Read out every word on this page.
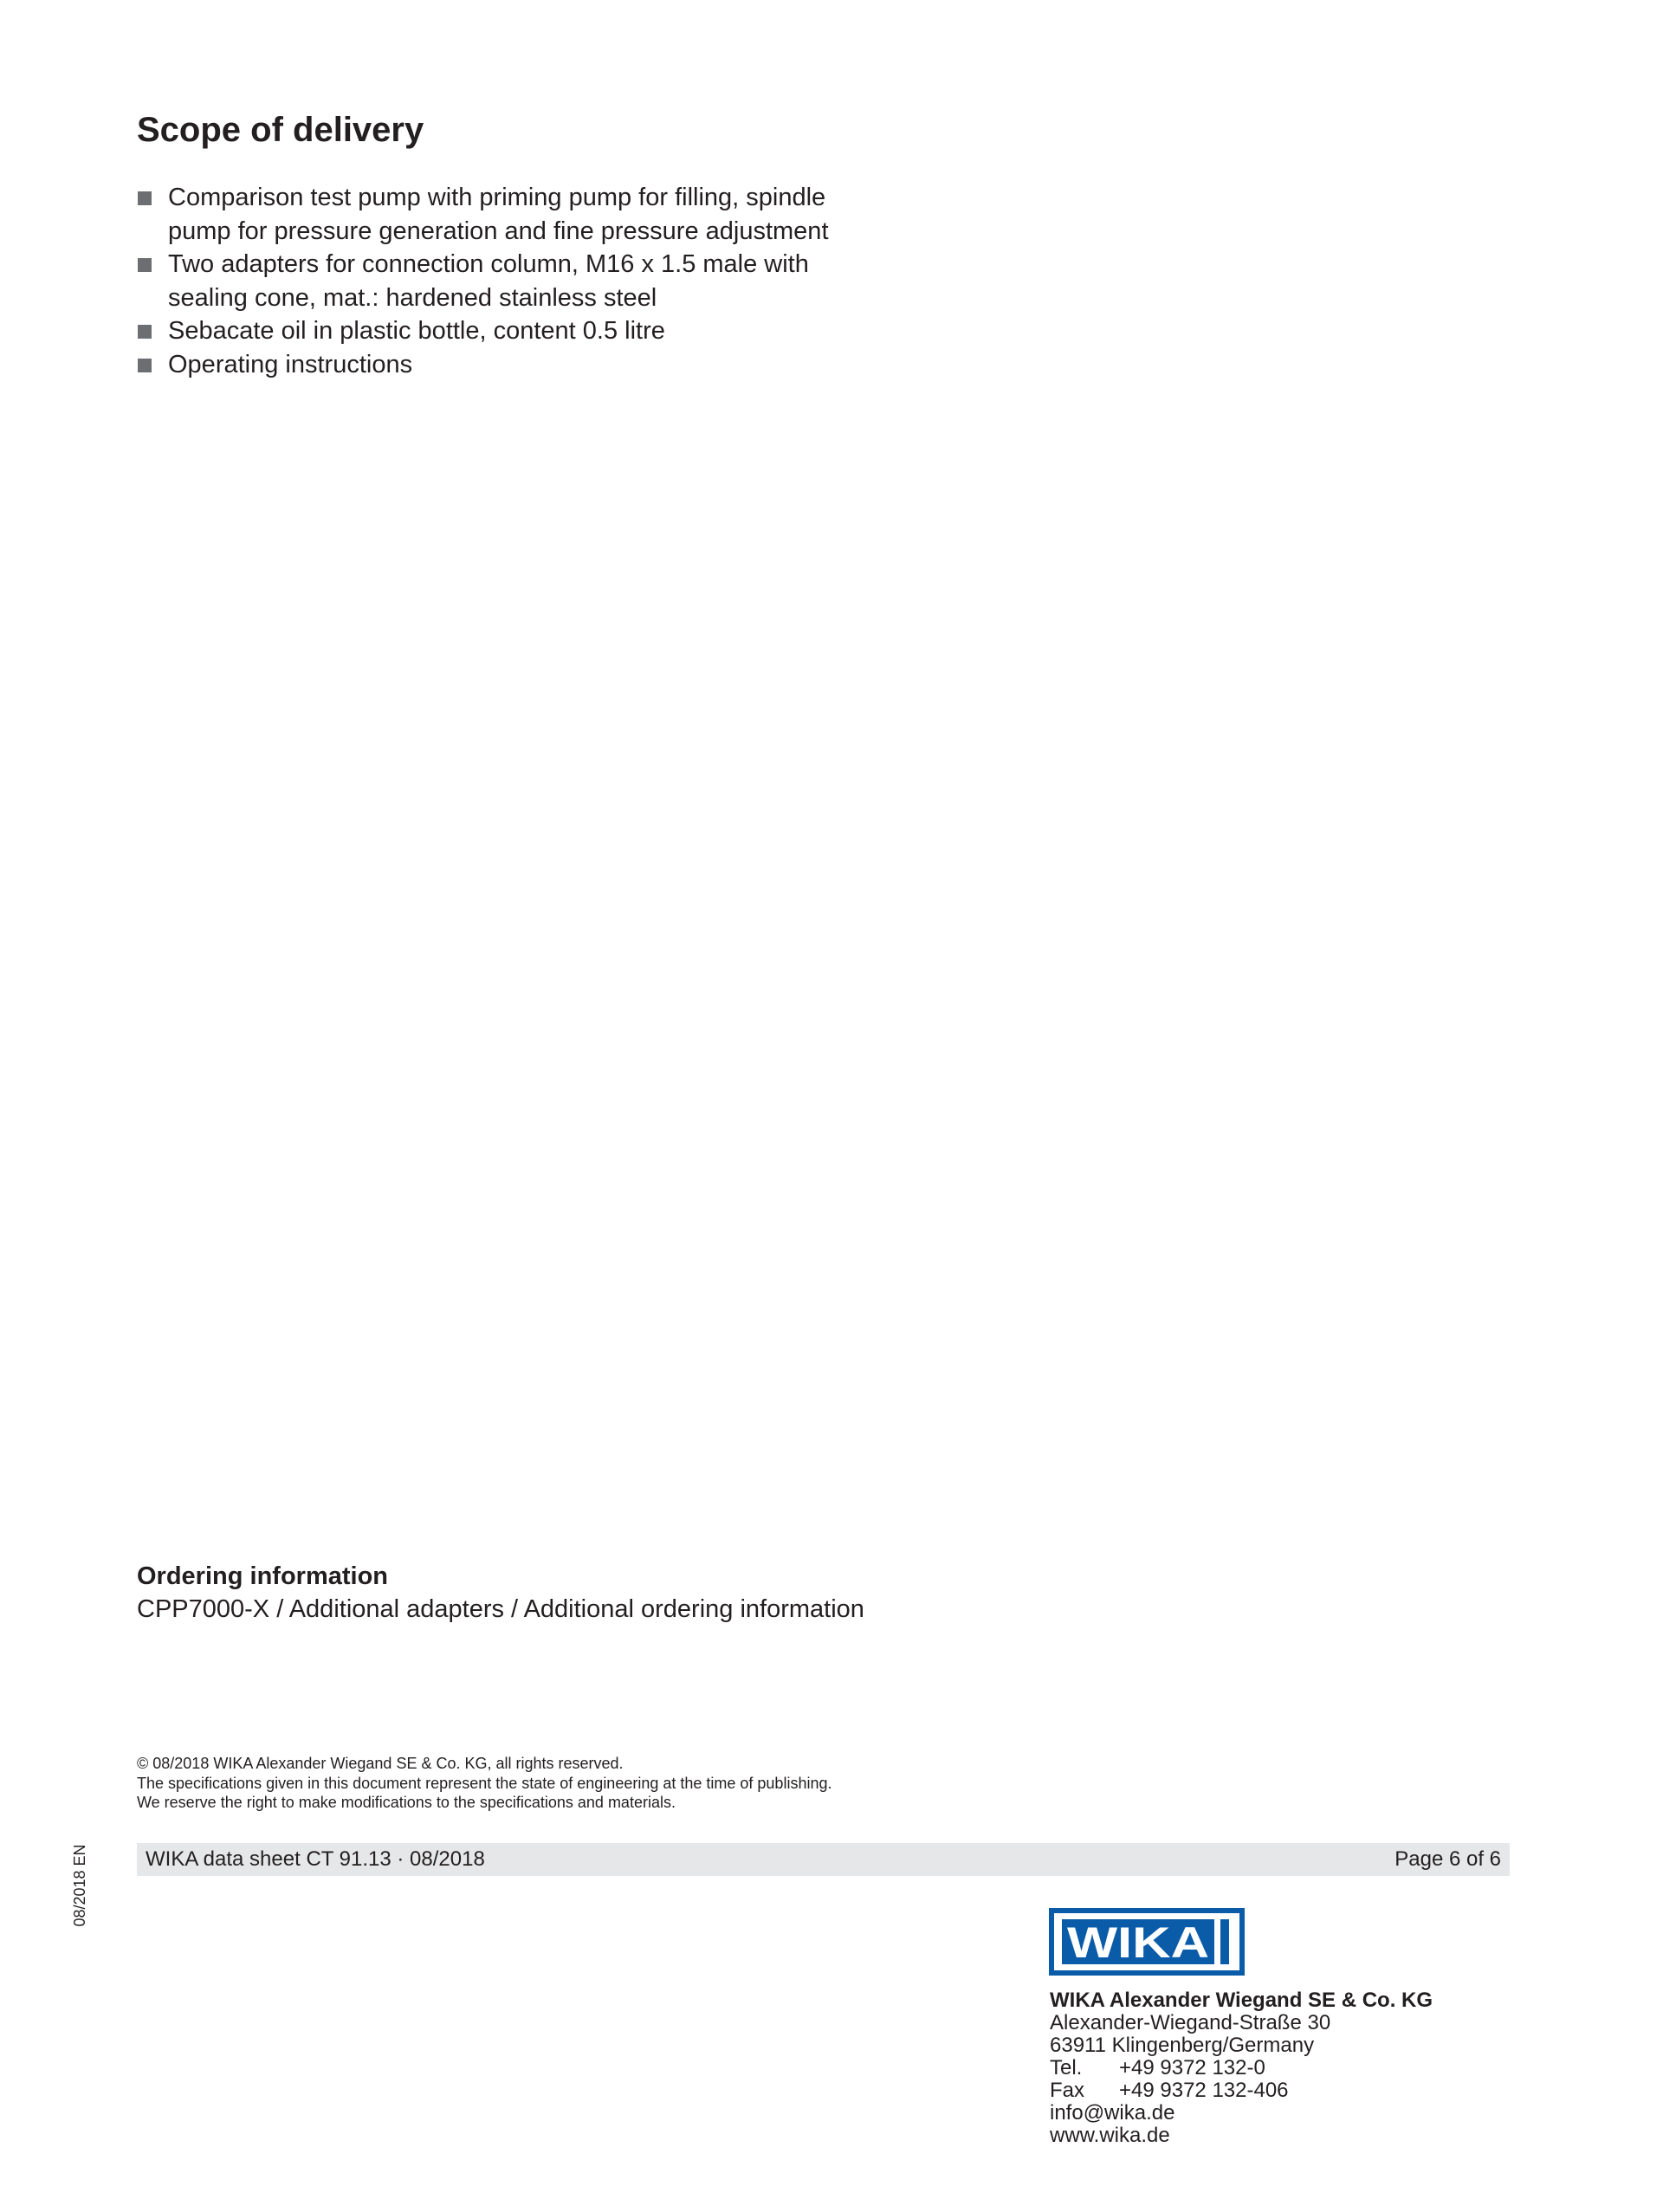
Scope of delivery
Comparison test pump with priming pump for filling, spindle pump for pressure generation and fine pressure adjustment
Two adapters for connection column, M16 x 1.5 male with sealing cone, mat.: hardened stainless steel
Sebacate oil in plastic bottle, content 0.5 litre
Operating instructions
Ordering information
CPP7000-X / Additional adapters / Additional ordering information
© 08/2018 WIKA Alexander Wiegand SE & Co. KG, all rights reserved.
The specifications given in this document represent the state of engineering at the time of publishing.
We reserve the right to make modifications to the specifications and materials.
WIKA data sheet CT 91.13 · 08/2018	Page 6 of 6
08/2018 EN
WIKA
WIKA Alexander Wiegand SE & Co. KG
Alexander-Wiegand-Straße 30
63911 Klingenberg/Germany
Tel. +49 9372 132-0
Fax +49 9372 132-406
info@wika.de
www.wika.de
